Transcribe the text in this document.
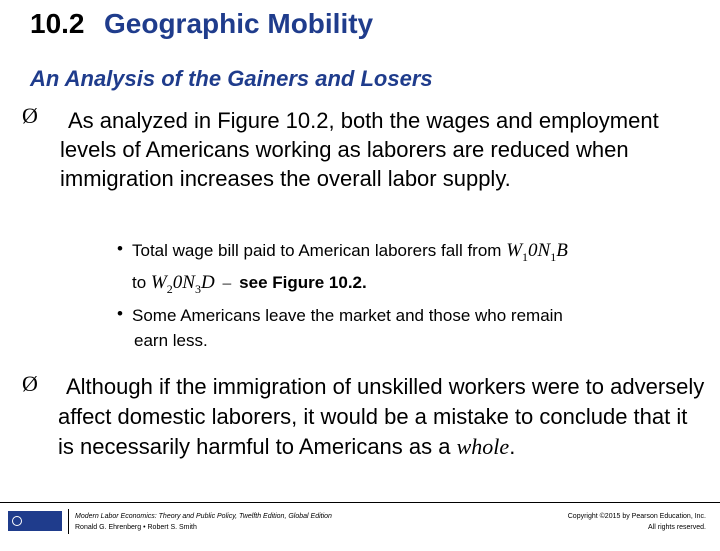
10.2 Geographic Mobility
An Analysis of the Gainers and Losers
Ø	As analyzed in Figure 10.2, both the wages and employment levels of Americans working as laborers are reduced when immigration increases the overall labor supply.
• Total wage bill paid to American laborers fall from $W_10N_1B$
to $W_20N_3D$ – see Figure 10.2.
• Some Americans leave the market and those who remain
earn less.
Ø	Although if the immigration of unskilled workers were to adversely affect domestic laborers, it would be a mistake to conclude that it is necessarily harmful to Americans as a whole.
PEARSON
Modern Labor Economics: Theory and Public Policy, Twelfth Edition, Global Edition
Ronald G. Ehrenberg • Robert S. Smith
Copyright ©2015 by Pearson Education, Inc.
All rights reserved.
